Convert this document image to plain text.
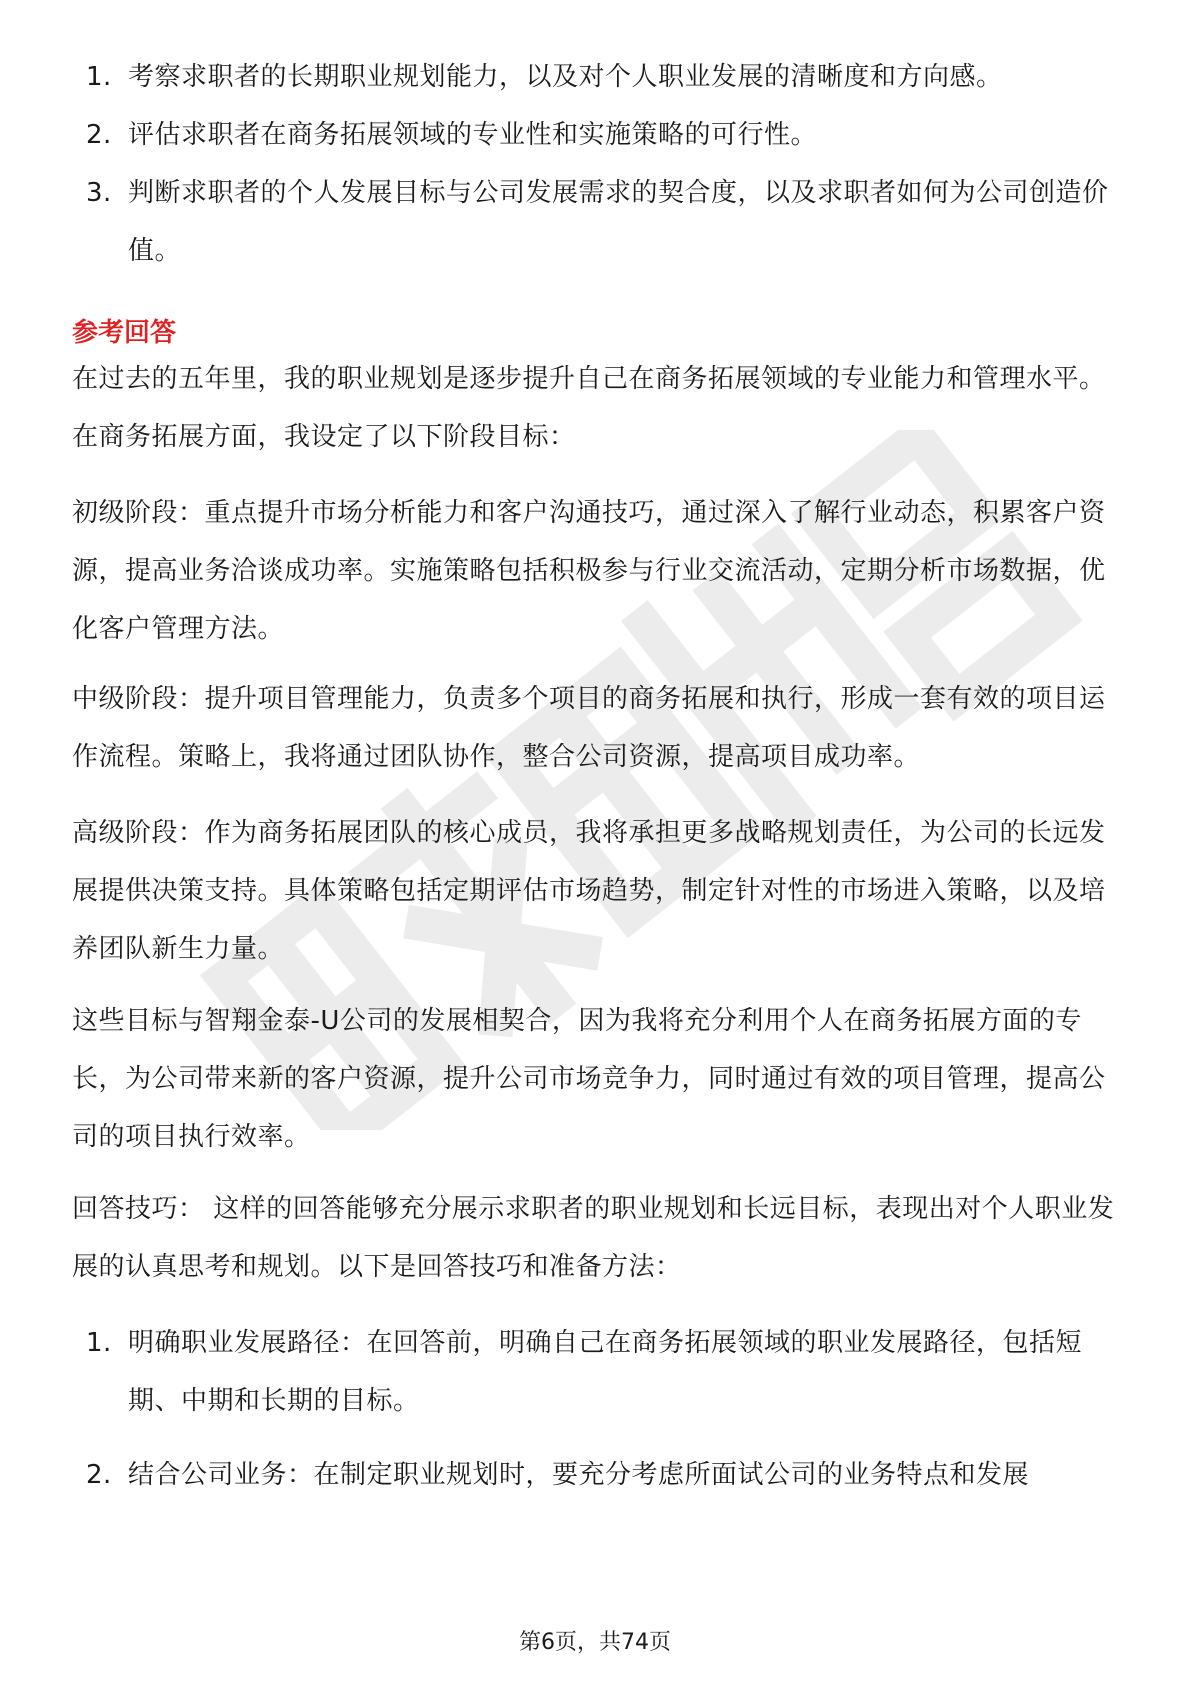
1. 考察求职者的长期职业规划能力，以及对个人职业发展的清晰度和方向感。
2. 评估求职者在商务拓展领域的专业性和实施策略的可行性。
3. 判断求职者的个人发展目标与公司发展需求的契合度，以及求职者如何为公司创造价值。

参考回答

在过去的五年里，我的职业规划是逐步提升自己在商务拓展领域的专业能力和管理水平。在商务拓展方面，我设定了以下阶段目标：

初级阶段：重点提升市场分析能力和客户沟通技巧，通过深入了解行业动态，积累客户资源，提高业务洽谈成功率。实施策略包括积极参与行业交流活动，定期分析市场数据，优化客户管理方法。

中级阶段：提升项目管理能力，负责多个项目的商务拓展和执行，形成一套有效的项目运作流程。策略上，我将通过团队协作，整合公司资源，提高项目成功率。

高级阶段：作为商务拓展团队的核心成员，我将承担更多战略规划责任，为公司的长远发展提供决策支持。具体策略包括定期评估市场趋势，制定针对性的市场进入策略，以及培养团队新生力量。

这些目标与智翔金泰-U公司的发展相契合，因为我将充分利用个人在商务拓展方面的专长，为公司带来新的客户资源，提升公司市场竞争力，同时通过有效的项目管理，提高公司的项目执行效率。

回答技巧： 这样的回答能够充分展示求职者的职业规划和长远目标，表现出对个人职业发展的认真思考和规划。以下是回答技巧和准备方法：

1. 明确职业发展路径：在回答前，明确自己在商务拓展领域的职业发展路径，包括短期、中期和长期的目标。
2. 结合公司业务：在制定职业规划时，要充分考虑所面试公司的业务特点和发展
第6页，共74页
